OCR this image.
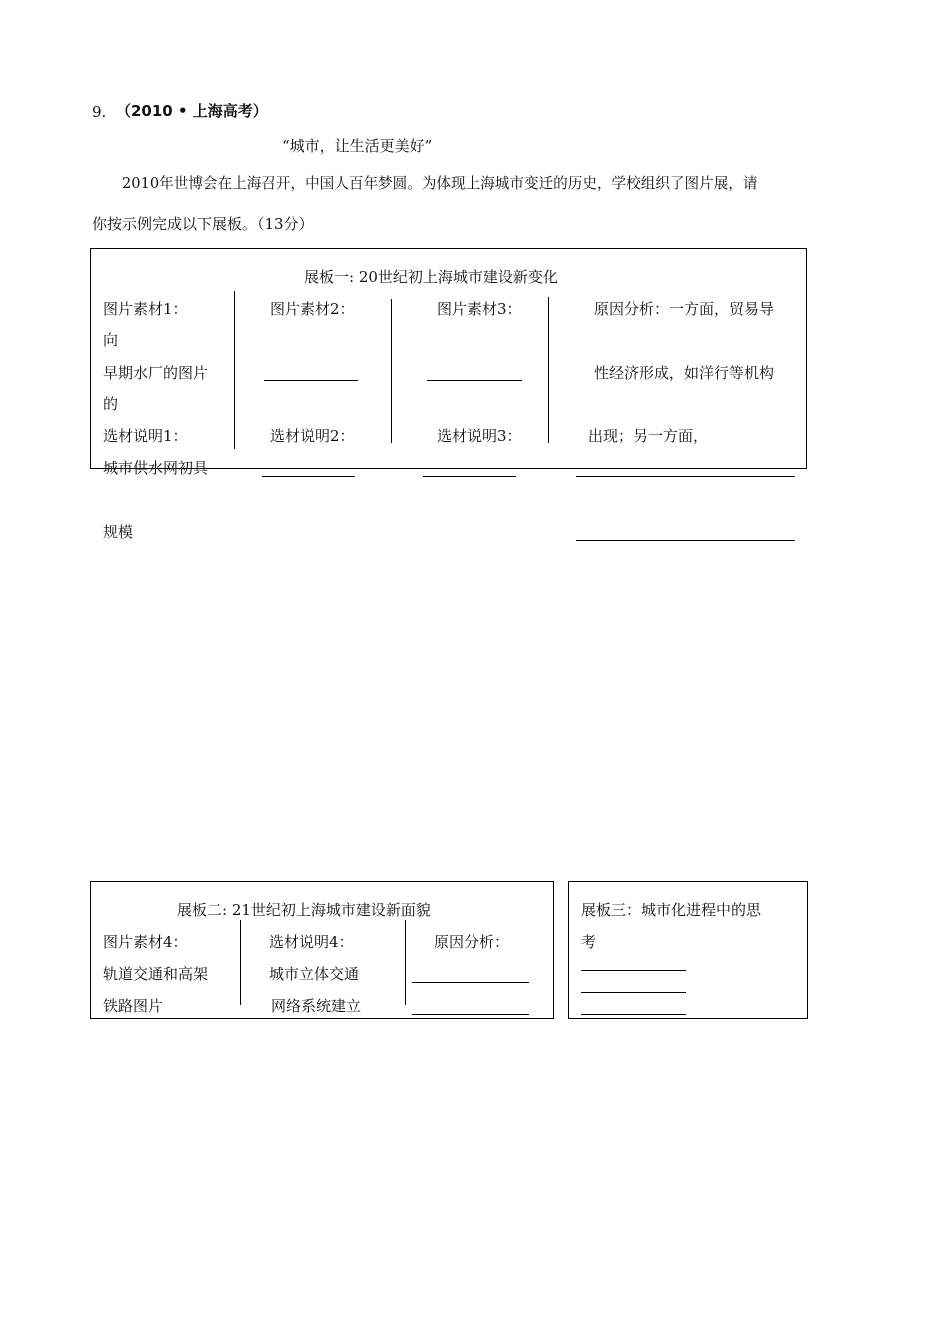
9. （2010 • 上海高考）
“城市，让生活更美好”
2010年世博会在上海召开，中国人百年梦圆。为体现上海城市变迁的历史，学校组织了图片展，请
你按示例完成以下展板。（13分）
展板一: 20世纪初上海城市建设新变化
图片素材1：
向
早期水厂的图片
的
选材说明1：
城市供水网初具
规模
图片素材2：
选材说明2：
图片素材3：
选材说明3：
原因分析：一方面，贸易导
性经济形成，如洋行等机构
出现；另一方面，
展板二: 21世纪初上海城市建设新面貌
图片素材4：
轨道交通和高架
铁路图片
选材说明4：
城市立体交通
网络系统建立
原因分析：
展板三：城市化进程中的思
考
